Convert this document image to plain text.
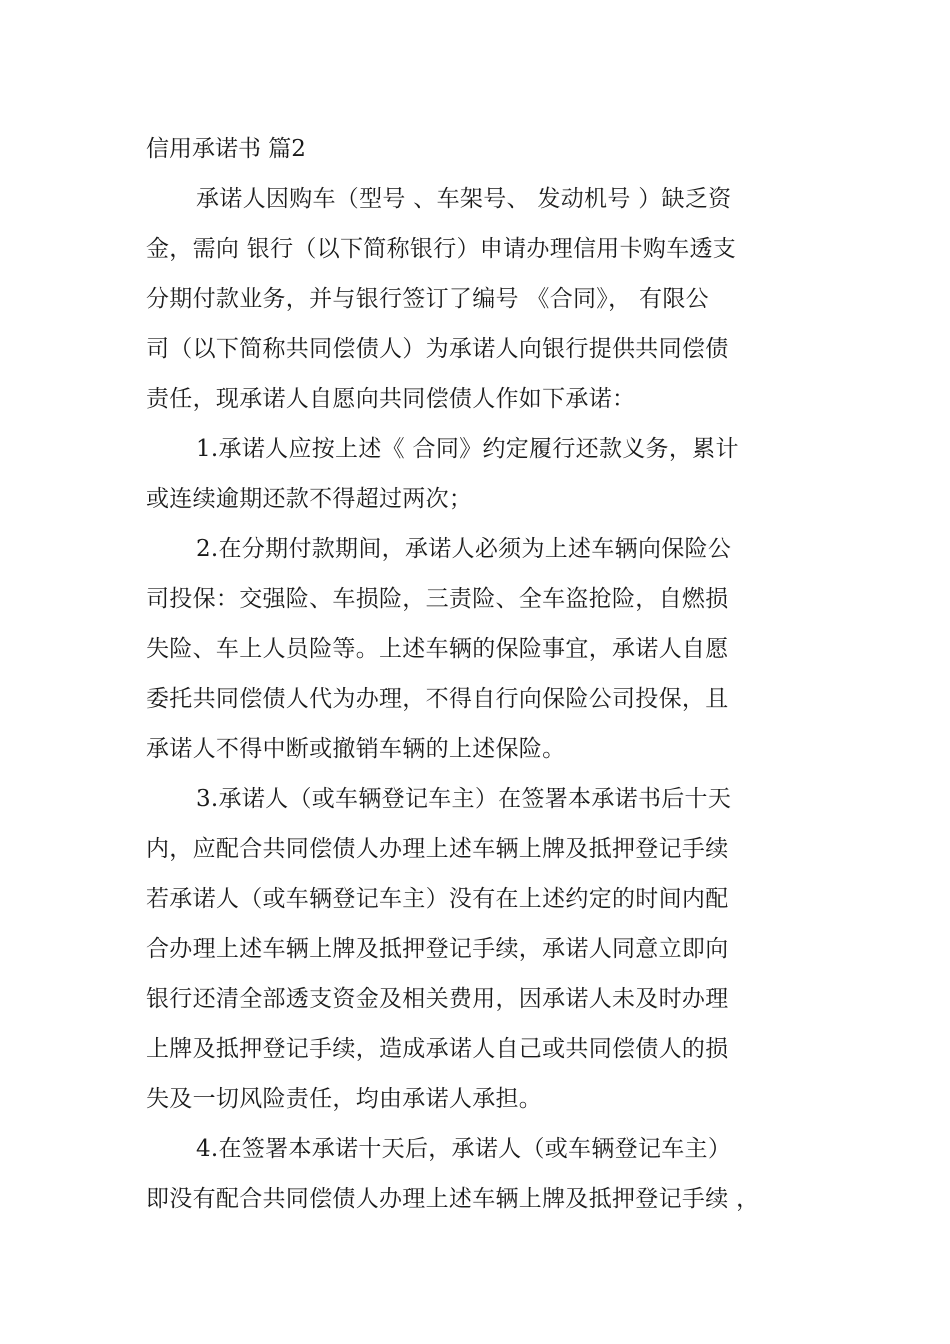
信用承诺书 篇2
承诺人因购车（型号 、车架号、 发动机号 ）缺乏资
金，需向 银行（以下简称银行）申请办理信用卡购车透支
分期付款业务，并与银行签订了编号 《合同》， 有限公
司（以下简称共同偿债人）为承诺人向银行提供共同偿债
责任，现承诺人自愿向共同偿债人作如下承诺：
1.承诺人应按上述《 合同》约定履行还款义务，累计
或连续逾期还款不得超过两次；
2.在分期付款期间，承诺人必须为上述车辆向保险公
司投保：交强险、车损险，三责险、全车盗抢险，自燃损
失险、车上人员险等。上述车辆的保险事宜，承诺人自愿
委托共同偿债人代为办理，不得自行向保险公司投保，且
承诺人不得中断或撤销车辆的上述保险。
3.承诺人（或车辆登记车主）在签署本承诺书后十天
内，应配合共同偿债人办理上述车辆上牌及抵押登记手续
若承诺人（或车辆登记车主）没有在上述约定的时间内配
合办理上述车辆上牌及抵押登记手续，承诺人同意立即向
银行还清全部透支资金及相关费用，因承诺人未及时办理
上牌及抵押登记手续，造成承诺人自己或共同偿债人的损
失及一切风险责任，均由承诺人承担。
4.在签署本承诺十天后，承诺人（或车辆登记车主）
即没有配合共同偿债人办理上述车辆上牌及抵押登记手续 ，
